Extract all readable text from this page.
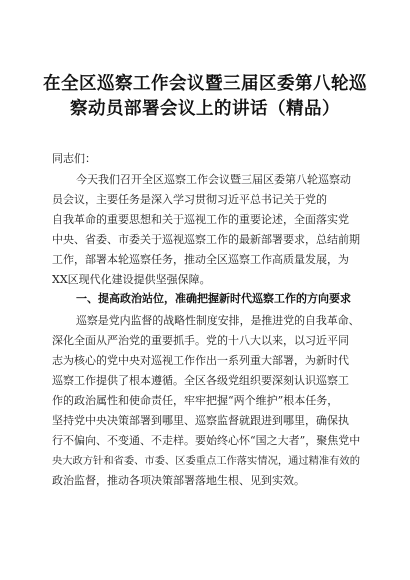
在全区巡察工作会议暨三届区委第八轮巡
察动员部署会议上的讲话（精品）
同志们：
今天我们召开全区巡察工作会议暨三届区委第八轮巡察动
员会议，主要任务是深入学习贯彻习近平总书记关于党的
自我革命的重要思想和关于巡视工作的重要论述，全面落实党
中央、省委、市委关于巡视巡察工作的最新部署要求，总结前期
工作，部署本轮巡察任务，推动全区巡察工作高质量发展，为
XX区现代化建设提供坚强保障。
一、提高政治站位，准确把握新时代巡察工作的方向要求
巡察是党内监督的战略性制度安排，是推进党的自我革命、
深化全面从严治党的重要抓手。党的十八大以来，以习近平同
志为核心的党中央对巡视工作作出一系列重大部署，为新时代
巡察工作提供了根本遵循。全区各级党组织要深刻认识巡察工
作的政治属性和使命责任，牢牢把握“两个维护”根本任务，
坚持党中央决策部署到哪里、巡察监督就跟进到哪里，确保执
行不偏向、不变通、不走样。要始终心怀“国之大者”，聚焦党中
央大政方针和省委、市委、区委重点工作落实情况，通过精准有效的
政治监督，推动各项决策部署落地生根、见到实效。
